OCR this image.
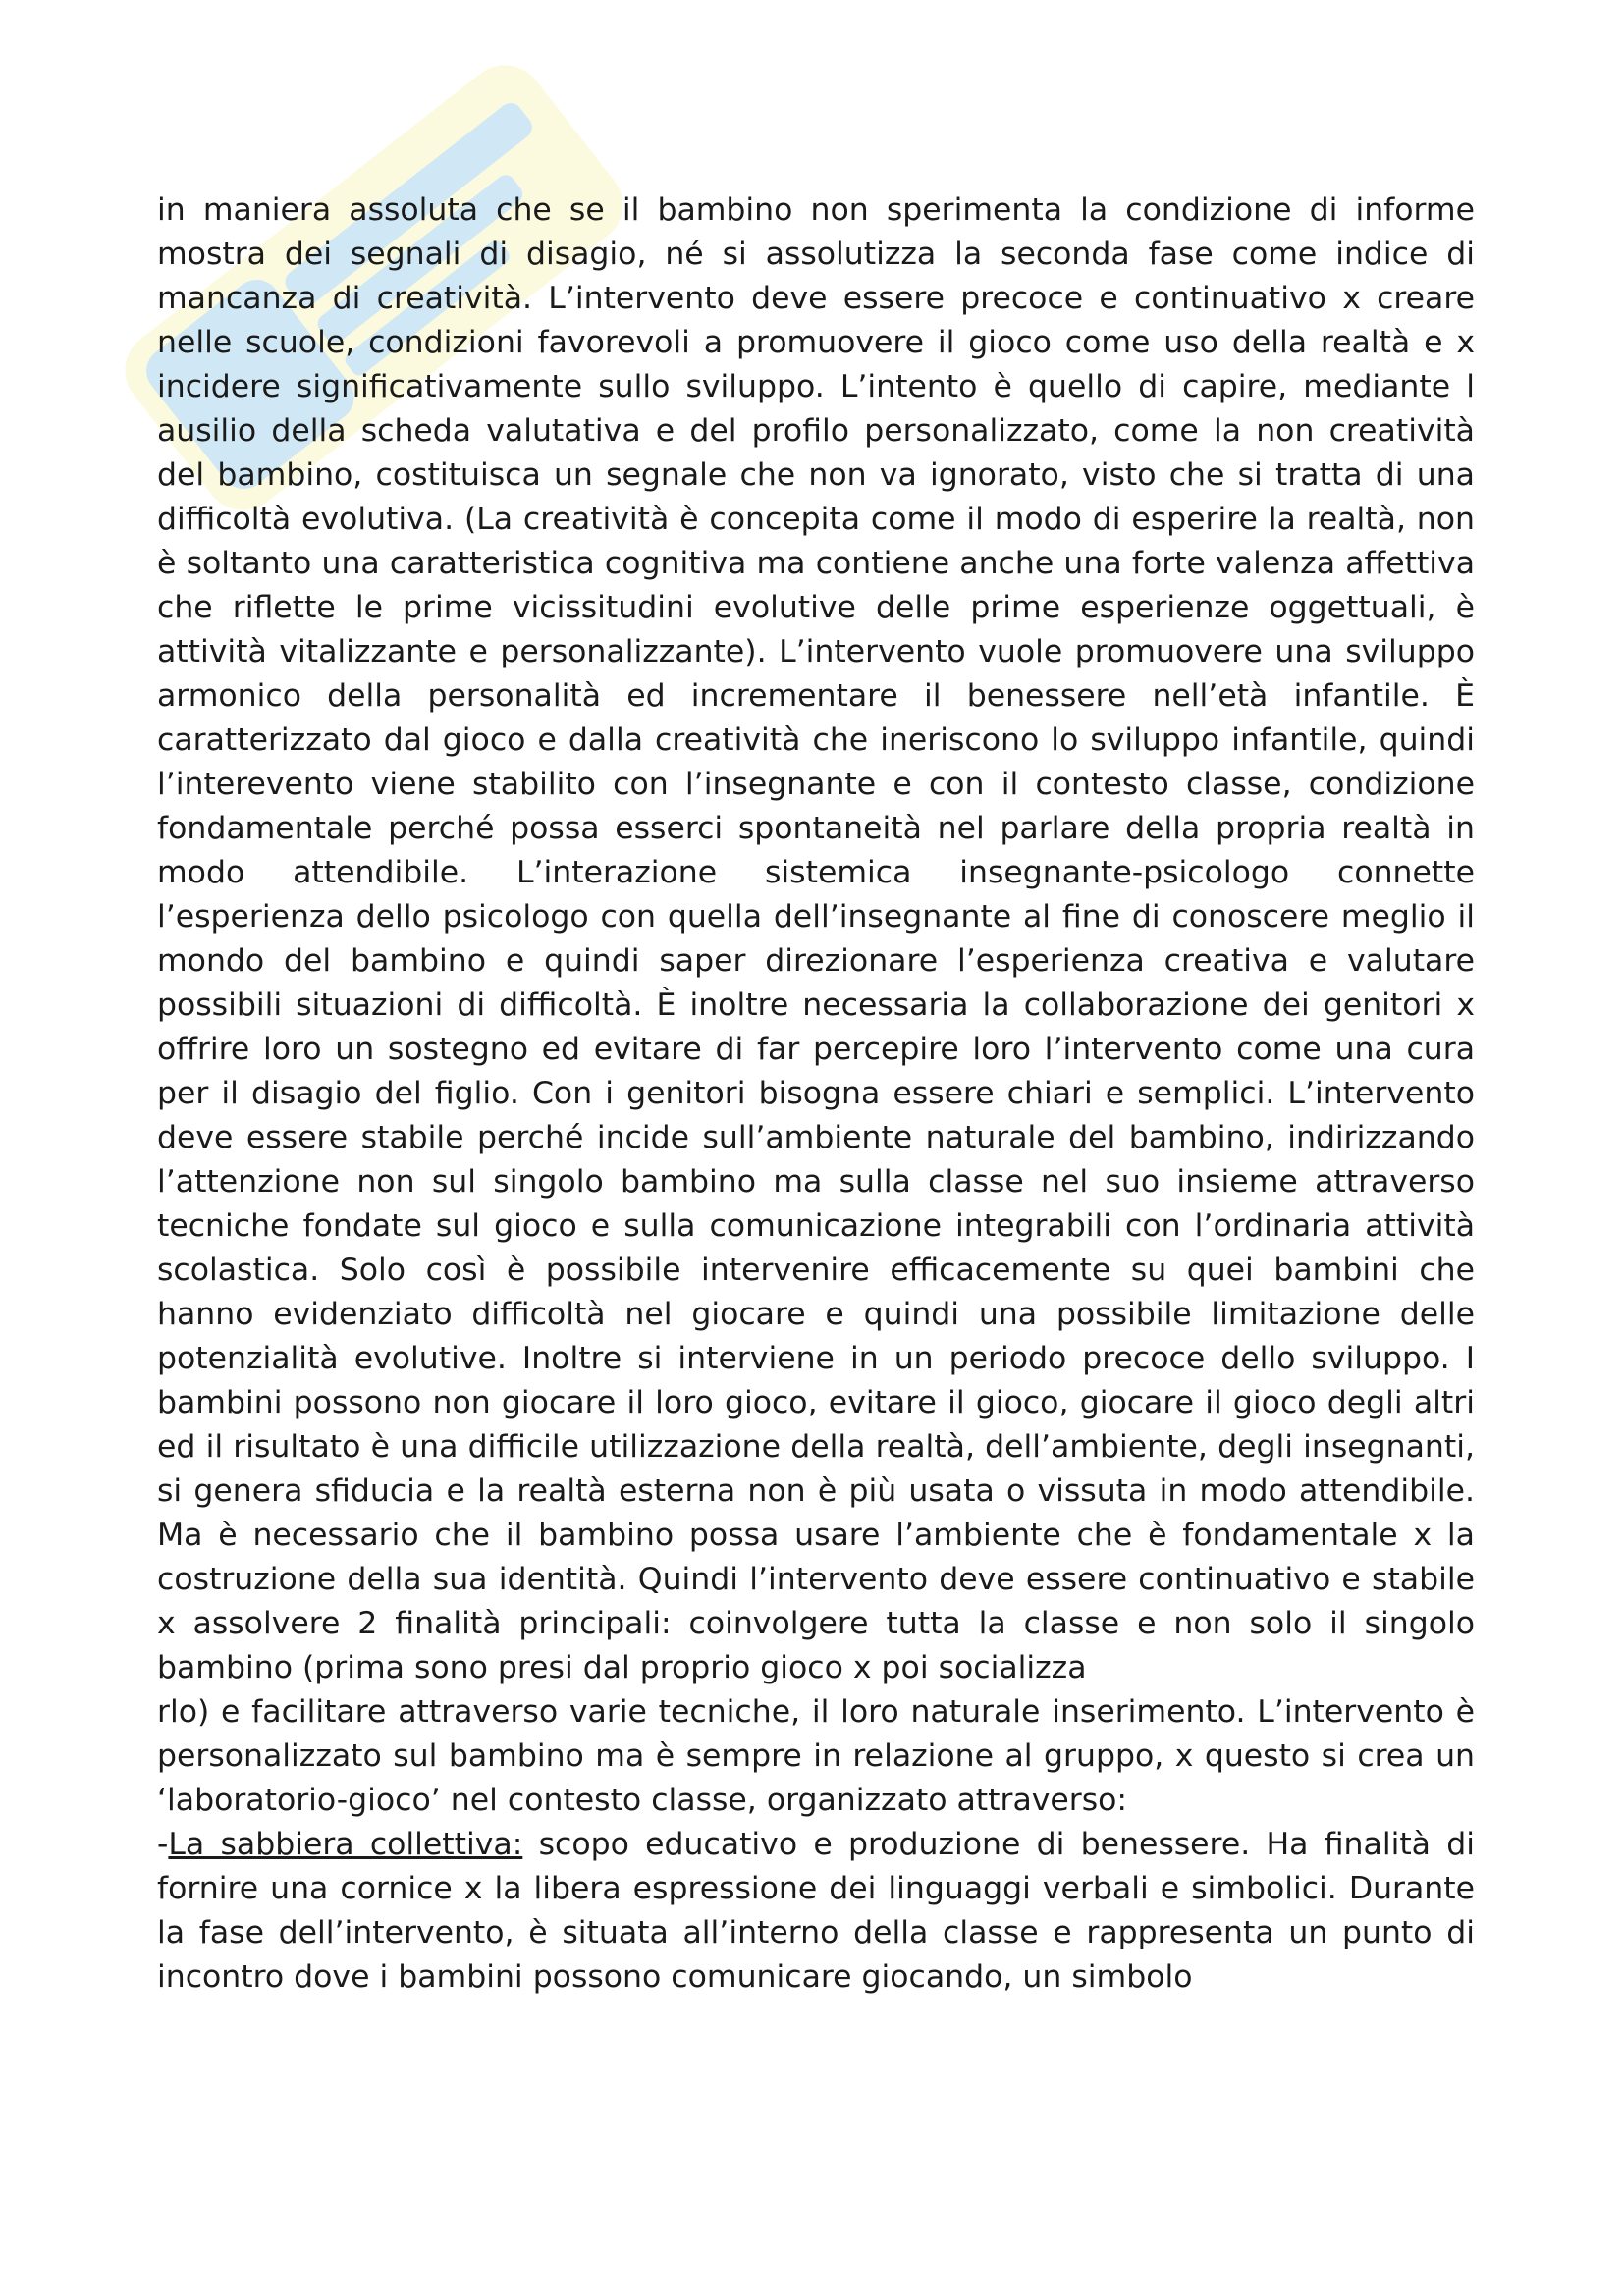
in maniera assoluta che se il bambino non sperimenta la condizione di informe mostra dei segnali di disagio, né si assolutizza la seconda fase come indice di mancanza di creatività. L’intervento deve essere precoce e continuativo x creare nelle scuole, condizioni favorevoli a promuovere il gioco come uso della realtà e x incidere significativamente sullo sviluppo. L’intento è quello di capire, mediante l ausilio della scheda valutativa e del profilo personalizzato, come la non creatività del bambino, costituisca un segnale che non va ignorato, visto che si tratta di una difficoltà evolutiva. (La creatività è concepita come il modo di esperire la realtà, non è soltanto una caratteristica cognitiva ma contiene anche una forte valenza affettiva che riflette le prime vicissitudini evolutive delle prime esperienze oggettuali, è attività vitalizzante e personalizzante). L’intervento vuole promuovere una sviluppo armonico della personalità ed incrementare il benessere nell’età infantile. È caratterizzato dal gioco e dalla creatività che ineriscono lo sviluppo infantile, quindi l’interevento viene stabilito con l’insegnante e con il contesto classe, condizione fondamentale perché possa esserci spontaneità nel parlare della propria realtà in modo attendibile. L’interazione sistemica insegnante-psicologo connette l’esperienza dello psicologo con quella dell’insegnante al fine di conoscere meglio il mondo del bambino e quindi saper direzionare l’esperienza creativa e valutare possibili situazioni di difficoltà. È inoltre necessaria la collaborazione dei genitori x offrire loro un sostegno ed evitare di far percepire loro l’intervento come una cura per il disagio del figlio. Con i genitori bisogna essere chiari e semplici. L’intervento deve essere stabile perché incide sull’ambiente naturale del bambino, indirizzando l’attenzione non sul singolo bambino ma sulla classe nel suo insieme attraverso tecniche fondate sul gioco e sulla comunicazione integrabili con l’ordinaria attività scolastica. Solo così è possibile intervenire efficacemente su quei bambini che hanno evidenziato difficoltà nel giocare e quindi una possibile limitazione delle potenzialità evolutive. Inoltre si interviene in un periodo precoce dello sviluppo. I bambini possono non giocare il loro gioco, evitare il gioco, giocare il gioco degli altri ed il risultato è una difficile utilizzazione della realtà, dell’ambiente, degli insegnanti, si genera sfiducia e la realtà esterna non è più usata o vissuta in modo attendibile. Ma è necessario che il bambino possa usare l’ambiente che è fondamentale x la costruzione della sua identità. Quindi l’intervento deve essere continuativo e stabile x assolvere 2 finalità principali: coinvolgere tutta la classe e non solo il singolo bambino (prima sono presi dal proprio gioco x poi socializza

rlo) e facilitare attraverso varie tecniche, il loro naturale inserimento. L’intervento è personalizzato sul bambino ma è sempre in relazione al gruppo, x questo si crea un ‘laboratorio-gioco’ nel contesto classe, organizzato attraverso:

-La sabbiera collettiva: scopo educativo e produzione di benessere. Ha finalità di fornire una cornice x la libera espressione dei linguaggi verbali e simbolici. Durante la fase dell’intervento, è situata all’interno della classe e rappresenta un punto di incontro dove i bambini possono comunicare giocando, un simbolo
